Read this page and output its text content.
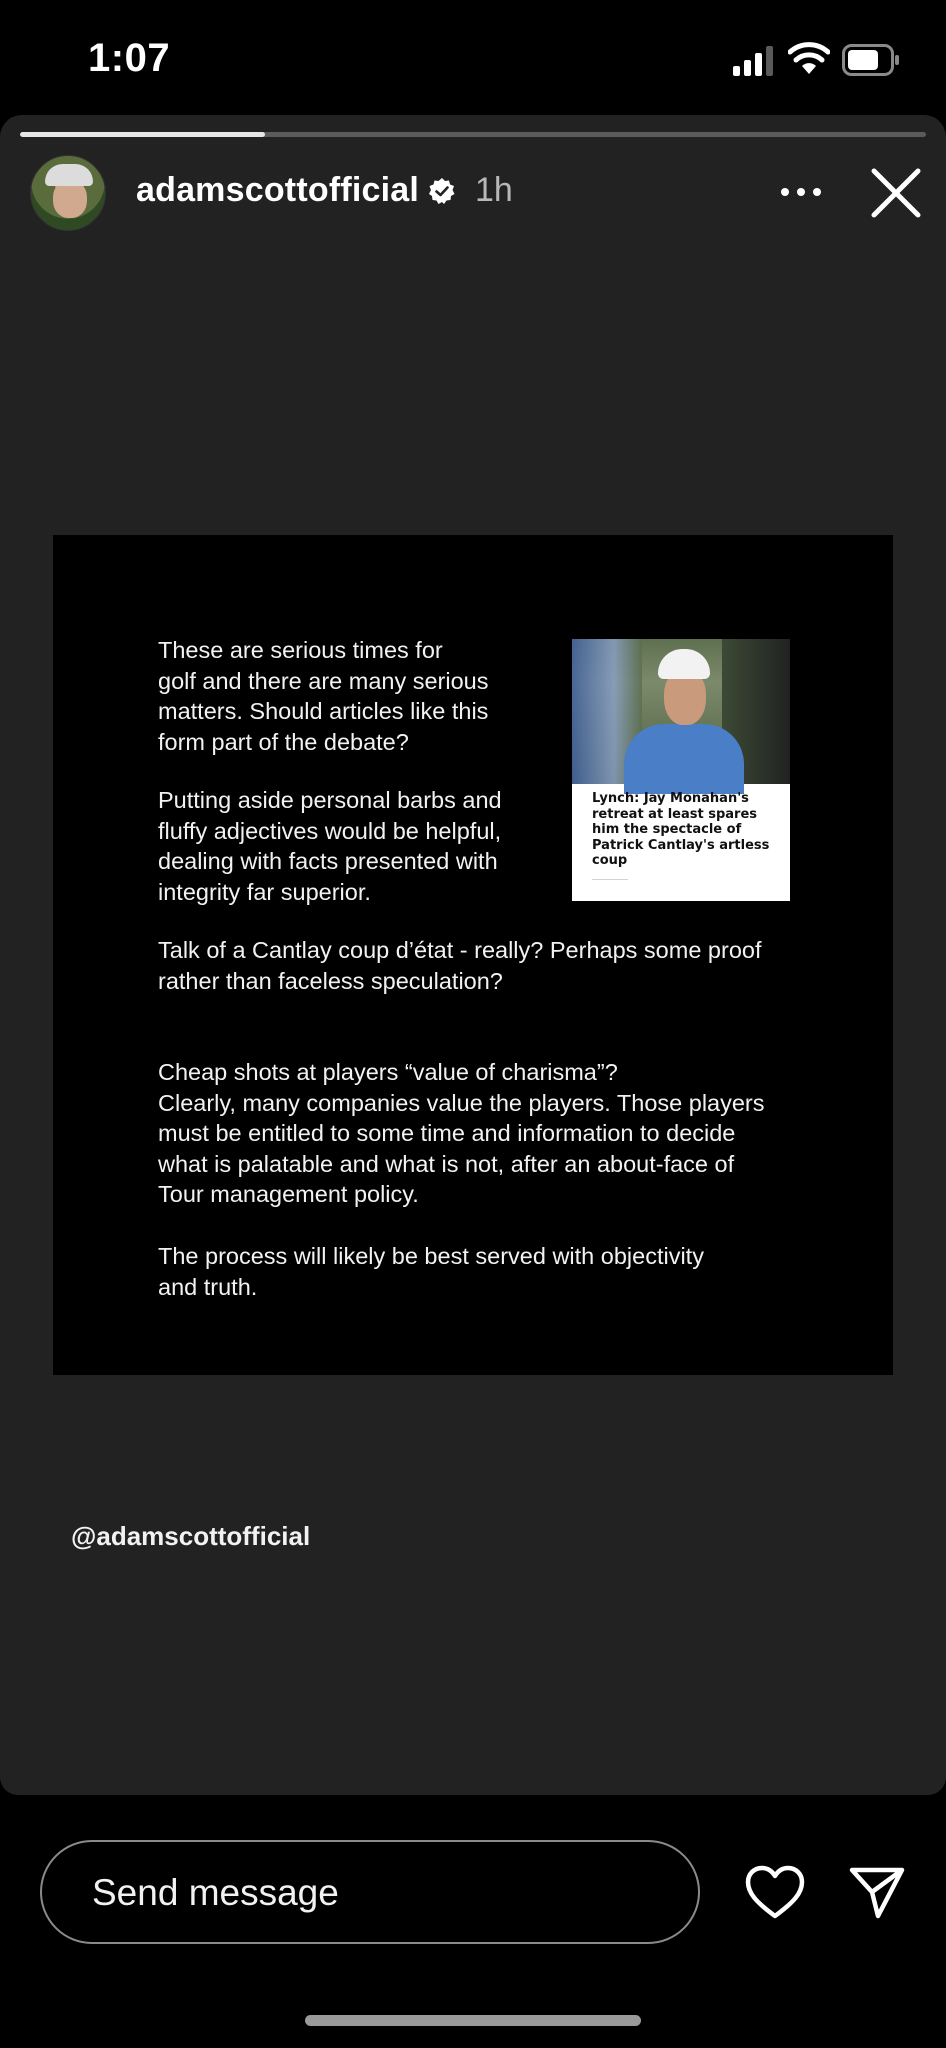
1:07
adamscottofficial 1h
These are serious times for
golf and there are many serious
matters. Should articles like this
form part of the debate?
Putting aside personal barbs and
fluffy adjectives would be helpful,
dealing with facts presented with
integrity far superior.
Lynch: Jay Monahan's retreat at least spares him the spectacle of Patrick Cantlay's artless coup
——————
Talk of a Cantlay coup d’état - really? Perhaps some proof
rather than faceless speculation?
Cheap shots at players “value of charisma”?
Clearly, many companies value the players. Those players
must be entitled to some time and information to decide
what is palatable and what is not, after an about-face of
Tour management policy.
The process will likely be best served with objectivity
and truth.
@adamscottofficial
Send message
